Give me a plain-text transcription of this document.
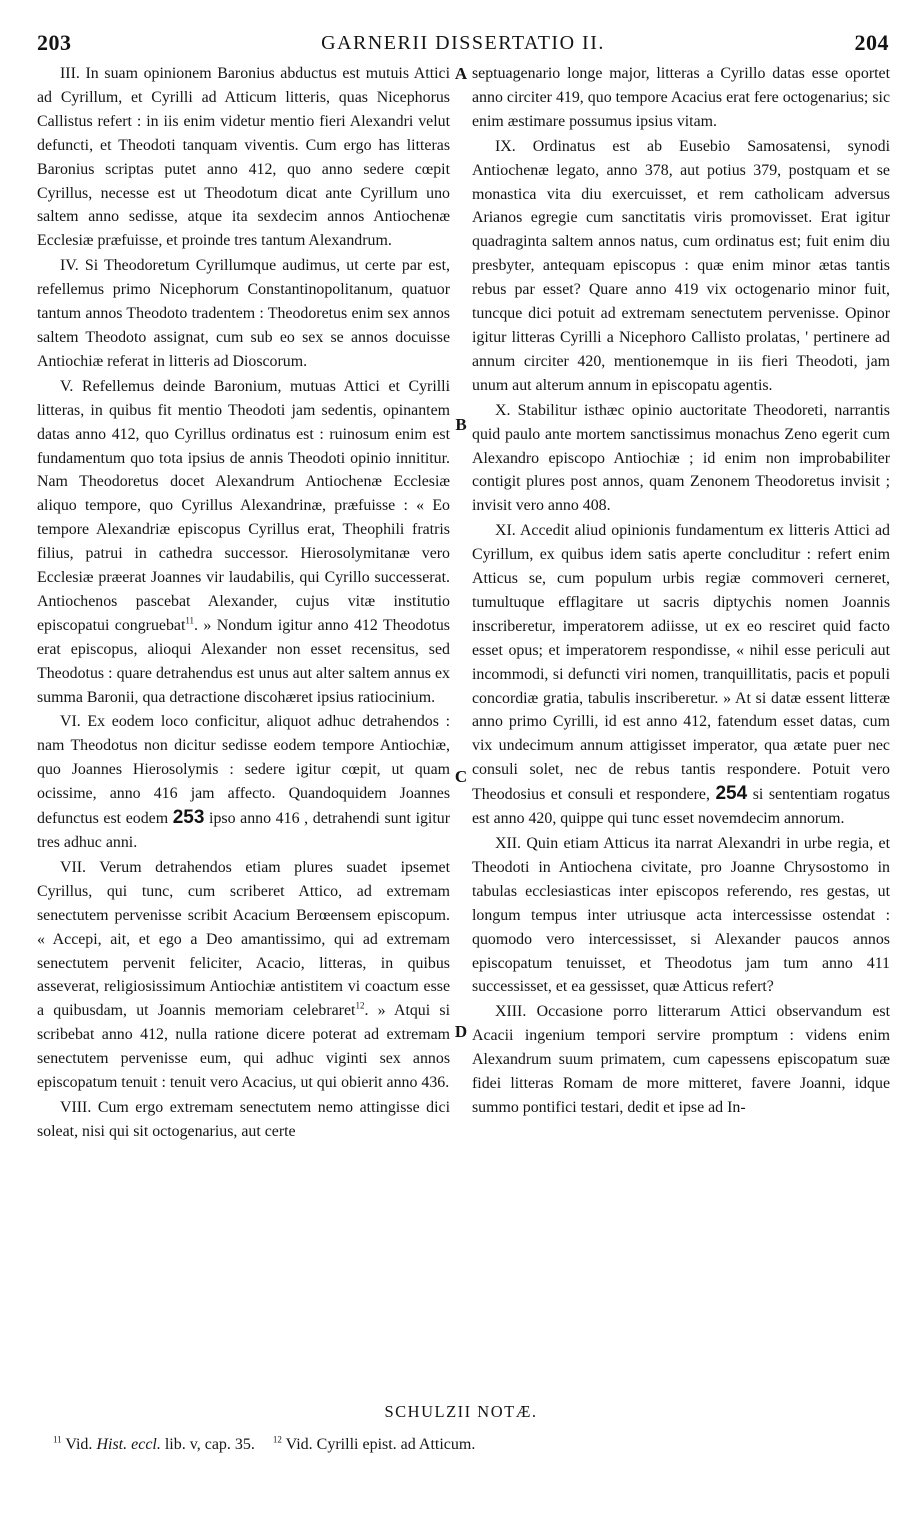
203	GARNERII DISSERTATIO II.	204
A
B
C
D

III. In suam opinionem Baronius abductus est mutuis Attici ad Cyrillum, et Cyrilli ad Atticum litteris, quas Nicephorus Callistus refert : in iis enim videtur mentio fieri Alexandri velut defuncti, et Theodoti tanquam viventis. Cum ergo has litteras Baronius scriptas putet anno 412, quo anno sedere cœpit Cyrillus, necesse est ut Theodotum dicat ante Cyrillum uno saltem anno sedisse, atque ita sexdecim annos Antiochenæ Ecclesiæ præfuisse, et proinde tres tantum Alexandrum.

IV. Si Theodoretum Cyrillumque audimus, ut certe par est, refellemus primo Nicephorum Constantinopolitanum, quatuor tantum annos Theodoto tradentem : Theodoretus enim sex annos saltem Theodoto assignat, cum sub eo sex se annos docuisse Antiochiæ referat in litteris ad Dioscorum.

V. Refellemus deinde Baronium, mutuas Attici et Cyrilli litteras, in quibus fit mentio Theodoti jam sedentis, opinantem datas anno 412, quo Cyrillus ordinatus est : ruinosum enim est fundamentum quo tota ipsius de annis Theodoti opinio innititur. Nam Theodoretus docet Alexandrum Antiochenæ Ecclesiæ aliquo tempore, quo Cyrillus Alexandrinæ, præfuisse : « Eo tempore Alexandriæ episcopus Cyrillus erat, Theophili fratris filius, patrui in cathedra successor. Hierosolymitanæ vero Ecclesiæ præerat Joannes vir laudabilis, qui Cyrillo successerat. Antiochenos pascebat Alexander, cujus vitæ institutio episcopatui congruebat$^{11}$. » Nondum igitur anno 412 Theodotus erat episcopus, alioqui Alexander non esset recensitus, sed Theodotus : quare detrahendus est unus aut alter saltem annus ex summa Baronii, qua detractione discohæret ipsius ratiocinium.

VI. Ex eodem loco conficitur, aliquot adhuc detrahendos : nam Theodotus non dicitur sedisse eodem tempore Antiochiæ, quo Joannes Hierosolymis : sedere igitur cœpit, ut quam ocissime, anno 416 jam affecto. Quandoquidem Joannes defunctus est eodem 253 ipso anno 416 , detrahendi sunt igitur tres adhuc anni.

VII. Verum detrahendos etiam plures suadet ipsemet Cyrillus, qui tunc, cum scriberet Attico, ad extremam senectutem pervenisse scribit Acacium Berœensem episcopum. « Accepi, ait, et ego a Deo amantissimo, qui ad extremam senectutem pervenit feliciter, Acacio, litteras, in quibus asseverat, religiosissimum Antiochiæ antistitem vi coactum esse a quibusdam, ut Joannis memoriam celebraret$^{12}$. » Atqui si scribebat anno 412, nulla ratione dicere poterat ad extremam senectutem pervenisse eum, qui adhuc viginti sex annos episcopatum tenuit : tenuit vero Acacius, ut qui obierit anno 436.

VIII. Cum ergo extremam senectutem nemo attingisse dici soleat, nisi qui sit octogenarius, aut certe

septuagenario longe major, litteras a Cyrillo datas esse oportet anno circiter 419, quo tempore Acacius erat fere octogenarius; sic enim æstimare possumus ipsius vitam.

IX. Ordinatus est ab Eusebio Samosatensi, synodi Antiochenæ legato, anno 378, aut potius 379, postquam et se monastica vita diu exercuisset, et rem catholicam adversus Arianos egregie cum sanctitatis viris promovisset. Erat igitur quadraginta saltem annos natus, cum ordinatus est; fuit enim diu presbyter, antequam episcopus : quæ enim minor ætas tantis rebus par esset? Quare anno 419 vix octogenario minor fuit, tuncque dici potuit ad extremam senectutem pervenisse. Opinor igitur litteras Cyrilli a Nicephoro Callisto prolatas, ' pertinere ad annum circiter 420, mentionemque in iis fieri Theodoti, jam unum aut alterum annum in episcopatu agentis.

X. Stabilitur isthæc opinio auctoritate Theodoreti, narrantis quid paulo ante mortem sanctissimus monachus Zeno egerit cum Alexandro episcopo Antiochiæ ; id enim non improbabiliter contigit plures post annos, quam Zenonem Theodoretus invisit ; invisit vero anno 408.

XI. Accedit aliud opinionis fundamentum ex litteris Attici ad Cyrillum, ex quibus idem satis aperte concluditur : refert enim Atticus se, cum populum urbis regiæ commoveri cerneret, tumultuque efflagitare ut sacris diptychis nomen Joannis inscriberetur, imperatorem adiisse, ut ex eo resciret quid facto esset opus; et imperatorem respondisse, « nihil esse periculi aut incommodi, si defuncti viri nomen, tranquillitatis, pacis et populi concordiæ gratia, tabulis inscriberetur. » At si datæ essent litteræ anno primo Cyrilli, id est anno 412, fatendum esset datas, cum vix undecimum annum attigisset imperator, qua ætate puer nec consuli solet, nec de rebus tantis respondere. Potuit vero Theodosius et consuli et respondere, 254 si sententiam rogatus est anno 420, quippe qui tunc esset novemdecim annorum.

XII. Quin etiam Atticus ita narrat Alexandri in urbe regia, et Theodoti in Antiochena civitate, pro Joanne Chrysostomo in tabulas ecclesiasticas inter episcopos referendo, res gestas, ut longum tempus inter utriusque acta intercessisse ostendat : quomodo vero intercessisset, si Alexander paucos annos episcopatum tenuisset, et Theodotus jam tum anno 411 successisset, et ea gessisset, quæ Atticus refert?

XIII. Occasione porro litterarum Attici observandum est Acacii ingenium tempori servire promptum : videns enim Alexandrum suum primatem, cum capessens episcopatum suæ fidei litteras Romam de more mitteret, favere Joanni, idque summo pontifici testari, dedit et ipse ad In-

SCHULZII NOTÆ.
$^{11}$ Vid. Hist. eccl. lib. v, cap. 35. $^{12}$ Vid. Cyrilli epist. ad Atticum.
